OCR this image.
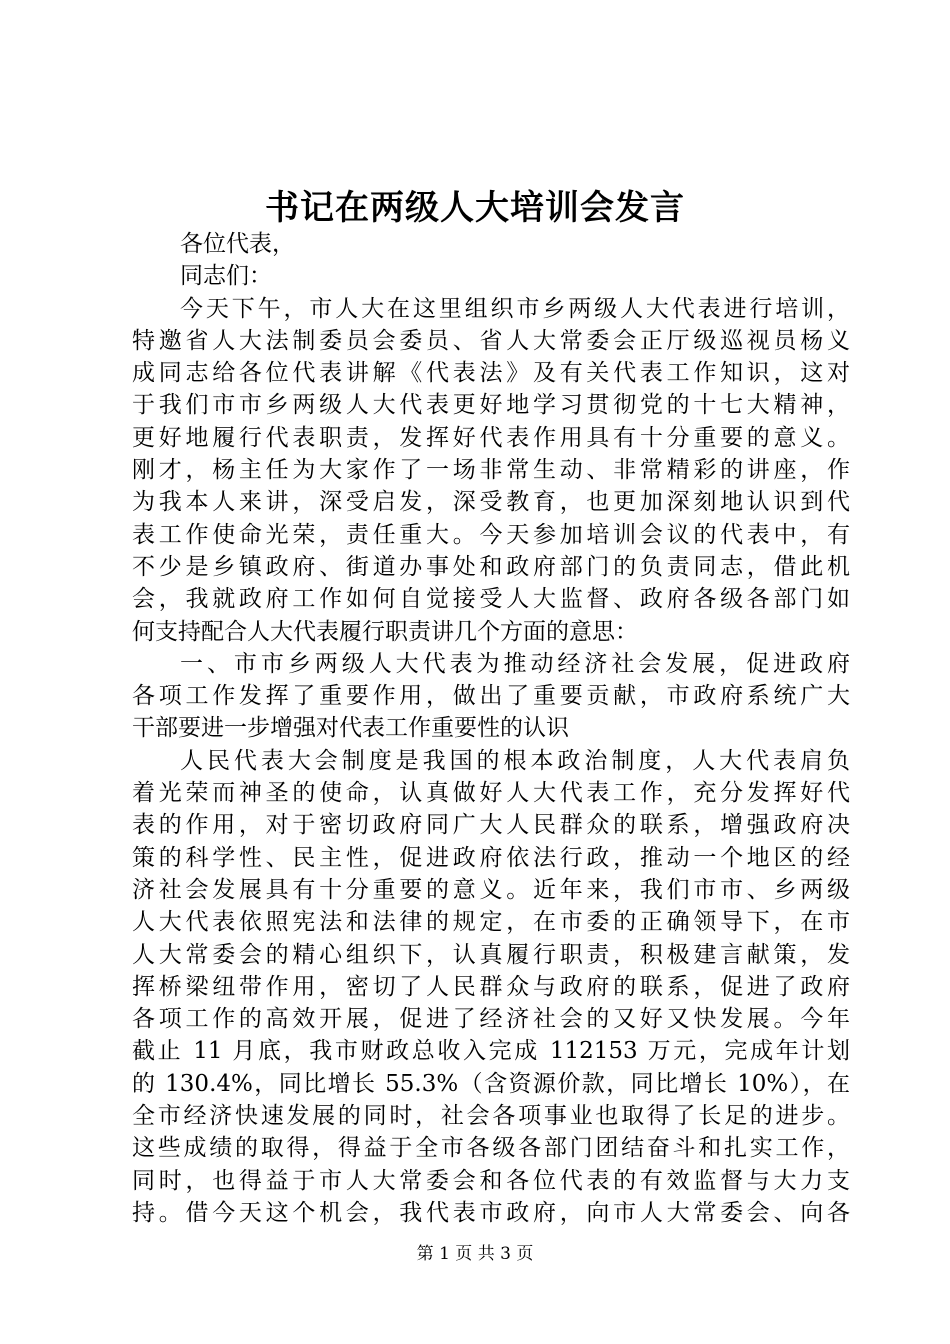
书记在两级人大培训会发言
各位代表，
同志们：
今天下午，市人大在这里组织市乡两级人大代表进行培训，
特邀省人大法制委员会委员、省人大常委会正厅级巡视员杨义
成同志给各位代表讲解《代表法》及有关代表工作知识，这对
于我们市市乡两级人大代表更好地学习贯彻党的十七大精神，
更好地履行代表职责，发挥好代表作用具有十分重要的意义。
刚才，杨主任为大家作了一场非常生动、非常精彩的讲座，作
为我本人来讲，深受启发，深受教育，也更加深刻地认识到代
表工作使命光荣，责任重大。今天参加培训会议的代表中，有
不少是乡镇政府、街道办事处和政府部门的负责同志，借此机
会，我就政府工作如何自觉接受人大监督、政府各级各部门如
何支持配合人大代表履行职责讲几个方面的意思：
一、市市乡两级人大代表为推动经济社会发展，促进政府
各项工作发挥了重要作用，做出了重要贡献，市政府系统广大
干部要进一步增强对代表工作重要性的认识
人民代表大会制度是我国的根本政治制度，人大代表肩负
着光荣而神圣的使命，认真做好人大代表工作，充分发挥好代
表的作用，对于密切政府同广大人民群众的联系，增强政府决
策的科学性、民主性，促进政府依法行政，推动一个地区的经
济社会发展具有十分重要的意义。近年来，我们市市、乡两级
人大代表依照宪法和法律的规定，在市委的正确领导下，在市
人大常委会的精心组织下，认真履行职责，积极建言献策，发
挥桥梁纽带作用，密切了人民群众与政府的联系，促进了政府
各项工作的高效开展，促进了经济社会的又好又快发展。今年
截止 11 月底，我市财政总收入完成 112153 万元，完成年计划
的 130.4%，同比增长 55.3%（含资源价款，同比增长 10%），在
全市经济快速发展的同时，社会各项事业也取得了长足的进步。
这些成绩的取得，得益于全市各级各部门团结奋斗和扎实工作，
同时，也得益于市人大常委会和各位代表的有效监督与大力支
持。借今天这个机会，我代表市政府，向市人大常委会、向各
第 1 页 共 3 页
